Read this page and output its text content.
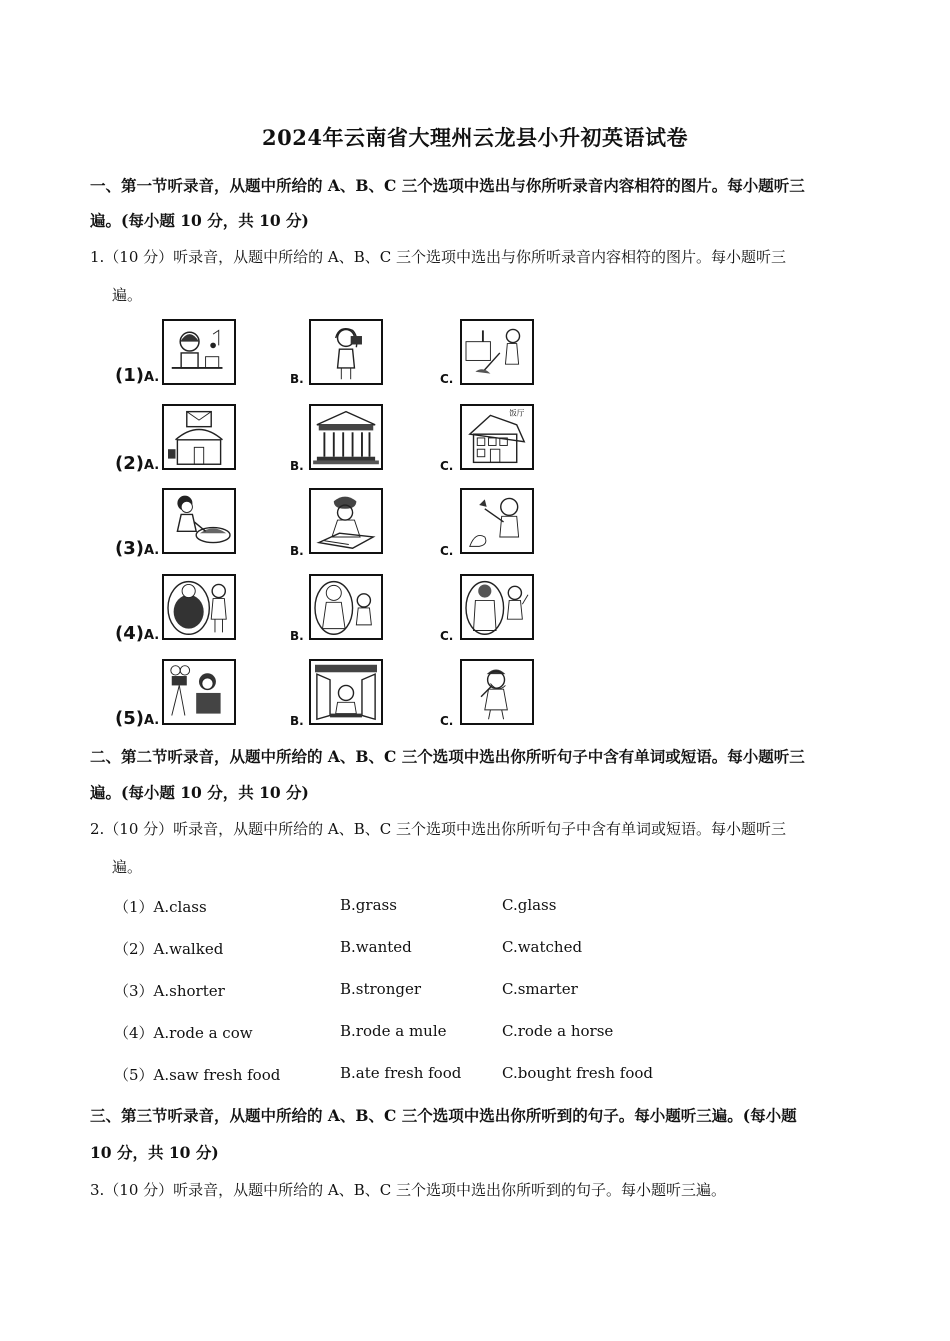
2024年云南省大理州云龙县小升初英语试卷
一、第一节听录音，从题中所给的 A、B、C 三个选项中选出与你所听录音内容相符的图片。每小题听三
遍。(每小题 10 分，共 10 分)
1.（10 分）听录音，从题中所给的 A、B、C 三个选项中选出与你所听录音内容相符的图片。每小题听三
遍。
(1)A.	B.	C.
(2)A.	B.	C.
饭厅
(3)A.	B.	C.
(4)A.	B.	C.
(5)A.	B.	C.
二、第二节听录音，从题中所给的 A、B、C 三个选项中选出你所听句子中含有单词或短语。每小题听三
遍。(每小题 10 分，共 10 分)
2.（10 分）听录音，从题中所给的 A、B、C 三个选项中选出你所听句子中含有单词或短语。每小题听三
遍。
（1）A.class	B.grass	C.glass
（2）A.walked	B.wanted	C.watched
（3）A.shorter	B.stronger	C.smarter
（4）A.rode a cow	B.rode a mule	C.rode a horse
（5）A.saw fresh food	B.ate fresh food	C.bought fresh food
三、第三节听录音，从题中所给的 A、B、C 三个选项中选出你所听到的句子。每小题听三遍。(每小题
10 分，共 10 分)
3.（10 分）听录音，从题中所给的 A、B、C 三个选项中选出你所听到的句子。每小题听三遍。
